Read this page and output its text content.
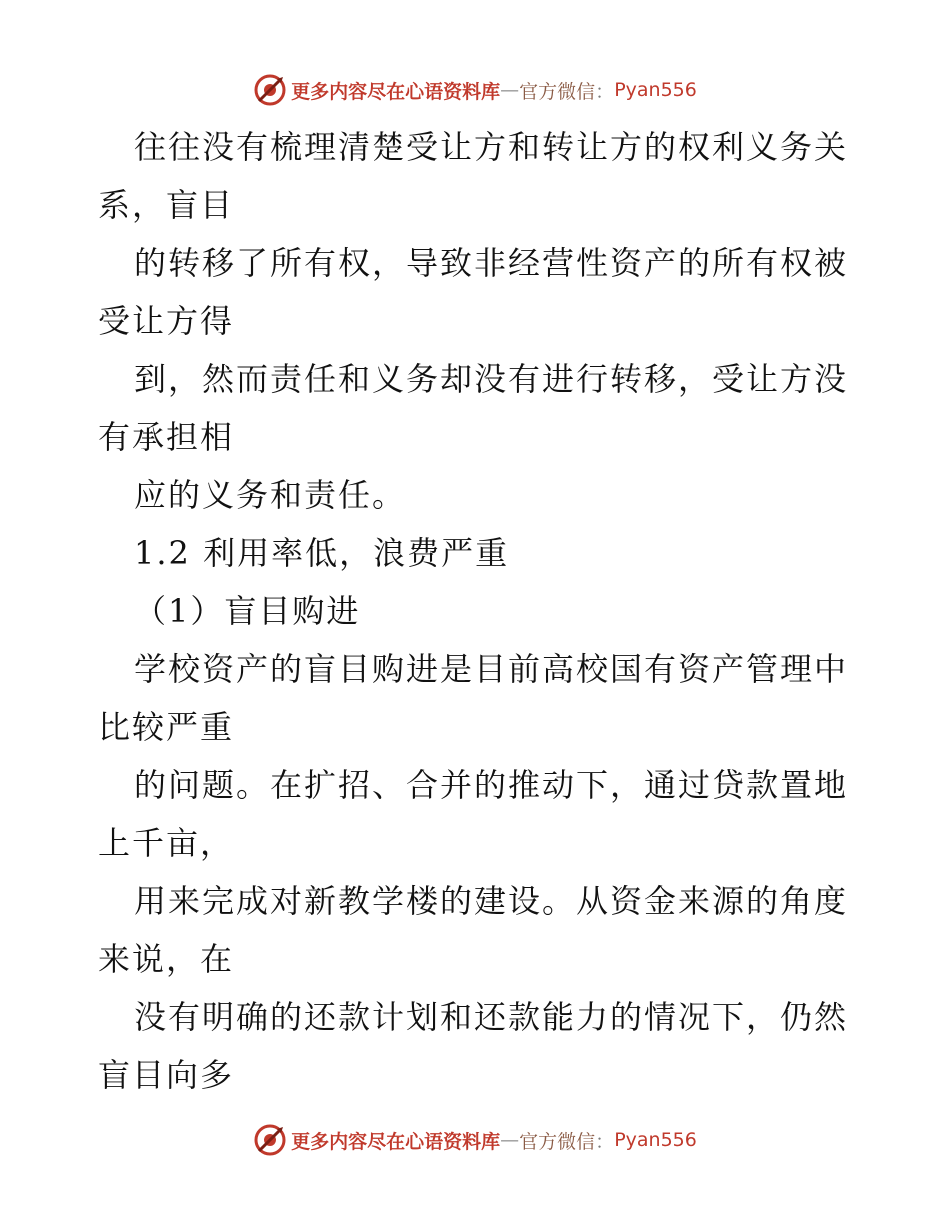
更多内容尽在心语资料库 — 官方微信 ： Pyan556
往往没有梳理清楚受让方和转让方的权利义务关
系，盲目
的转移了所有权，导致非经营性资产的所有权被
受让方得
到，然而责任和义务却没有进行转移，受让方没
有承担相
应的义务和责任。
1.2 利用率低，浪费严重
（1）盲目购进
学校资产的盲目购进是目前高校国有资产管理中
比较严重
的问题。在扩招、合并的推动下，通过贷款置地
上千亩，
用来完成对新教学楼的建设。从资金来源的角度
来说，在
没有明确的还款计划和还款能力的情况下，仍然
盲目向多
更多内容尽在心语资料库 — 官方微信 ： Pyan556
